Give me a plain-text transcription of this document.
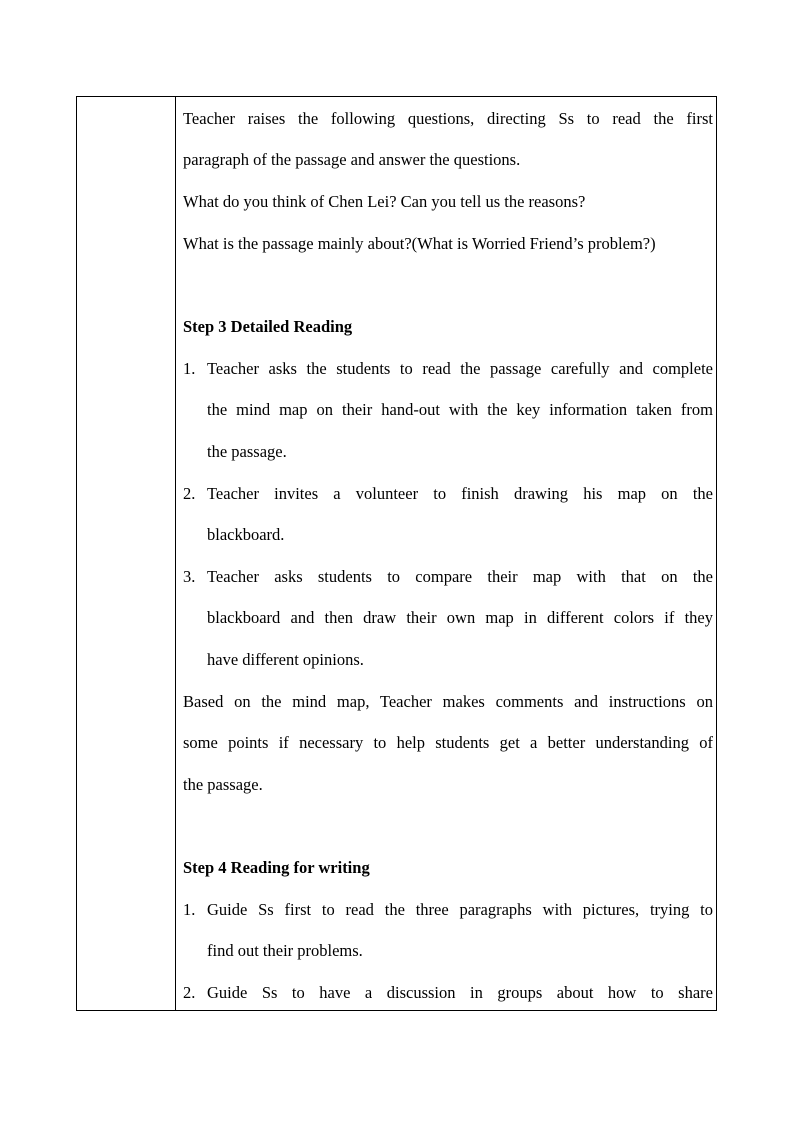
Teacher raises the following questions, directing Ss to read the first
paragraph of the passage and answer the questions.
What do you think of Chen Lei? Can you tell us the reasons?
What is the passage mainly about?(What is Worried Friend’s problem?)
Step 3 Detailed Reading
1. Teacher asks the students to read the passage carefully and complete
the mind map on their hand-out with the key information taken from
the passage.
2. Teacher invites a volunteer to finish drawing his map on the
blackboard.
3. Teacher asks students to compare their map with that on the
blackboard and then draw their own map in different colors if they
have different opinions.
Based on the mind map, Teacher makes comments and instructions on
some points if necessary to help students get a better understanding of
the passage.
Step 4 Reading for writing
1. Guide Ss first to read the three paragraphs with pictures, trying to
find out their problems.
2. Guide Ss to have a discussion in groups about how to share
